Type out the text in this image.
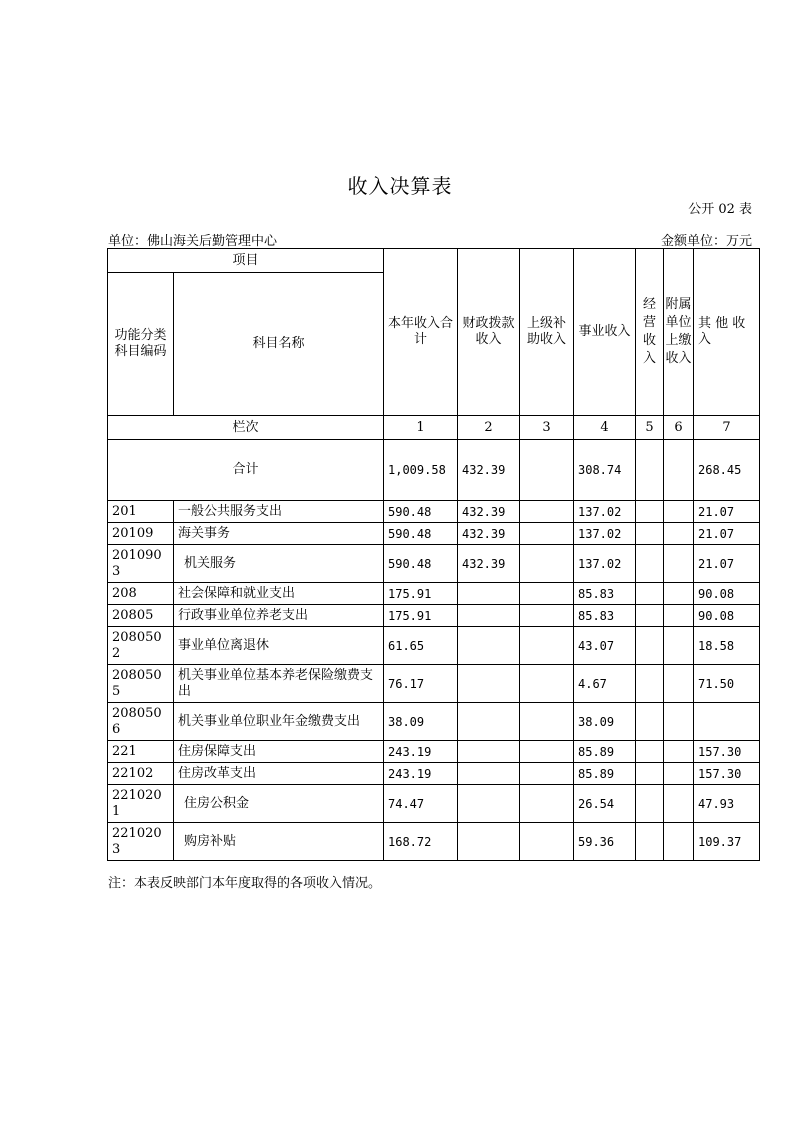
收入决算表
公开 02 表
单位：佛山海关后勤管理中心	金额单位：万元
项目		本年收入合计	财政拨款收入	上级补助收入	事业收入	经营收入	附属单位上缴收入	其 他 收 入
功能分类科目编码	科目名称							
栏次		1	2	3	4	5	6	7
合计		1,009.58	432.39		308.74			268.45
201	一般公共服务支出	590.48	432.39		137.02			21.07
20109	海关事务	590.48	432.39		137.02			21.07
2010903	机关服务	590.48	432.39		137.02			21.07
208	社会保障和就业支出	175.91			85.83			90.08
20805	行政事业单位养老支出	175.91			85.83			90.08
2080502	事业单位离退休	61.65			43.07			18.58
2080505	机关事业单位基本养老保险缴费支出	76.17			4.67			71.50
2080506	机关事业单位职业年金缴费支出	38.09			38.09			
221	住房保障支出	243.19			85.89			157.30
22102	住房改革支出	243.19			85.89			157.30
2210201	住房公积金	74.47			26.54			47.93
2210203	购房补贴	168.72			59.36			109.37
注：本表反映部门本年度取得的各项收入情况。
